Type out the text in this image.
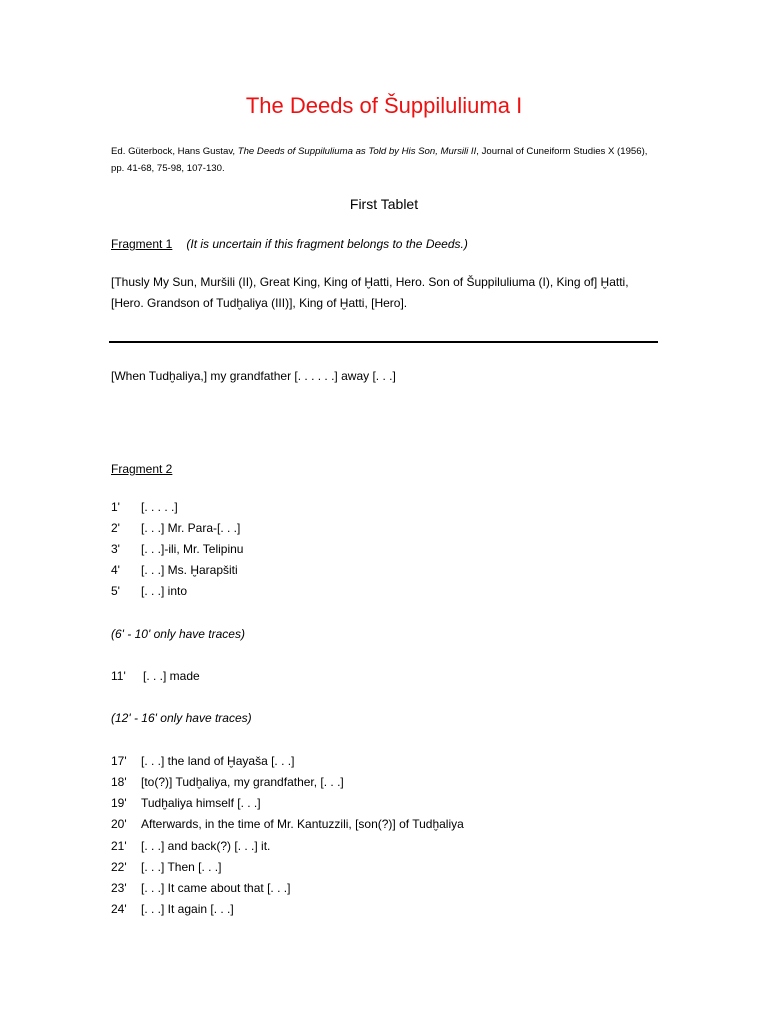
The Deeds of Šuppiluliuma I
Ed. Güterbock, Hans Gustav, The Deeds of Suppiluliuma as Told by His Son, Mursili II, Journal of Cuneiform Studies X (1956), pp. 41-68, 75-98, 107-130.
First Tablet
Fragment 1 (It is uncertain if this fragment belongs to the Deeds.)
[Thusly My Sun, Muršili (II), Great King, King of Ḫatti, Hero. Son of Šuppiluliuma (I), King of] Ḫatti, [Hero. Grandson of Tudḫaliya (III)], King of Ḫatti, [Hero].
[When Tudḫaliya,] my grandfather [. . . . . .] away [. . .]
Fragment 2
1' [. . . . .]
2' [. . .] Mr. Para-[. . .]
3' [. . .]-ili, Mr. Telipinu
4' [. . .] Ms. Ḫarapšiti
5' [. . .] into
(6' - 10' only have traces)
11' [. . .] made
(12' - 16' only have traces)
17' [. . .] the land of Ḫayaša [. . .]
18' [to(?)] Tudḫaliya, my grandfather, [. . .]
19' Tudḫaliya himself [. . .]
20' Afterwards, in the time of Mr. Kantuzzili, [son(?)] of Tudḫaliya
21' [. . .] and back(?) [. . .] it.
22' [. . .] Then [. . .]
23' [. . .] It came about that [. . .]
24' [. . .] It again [. . .]
